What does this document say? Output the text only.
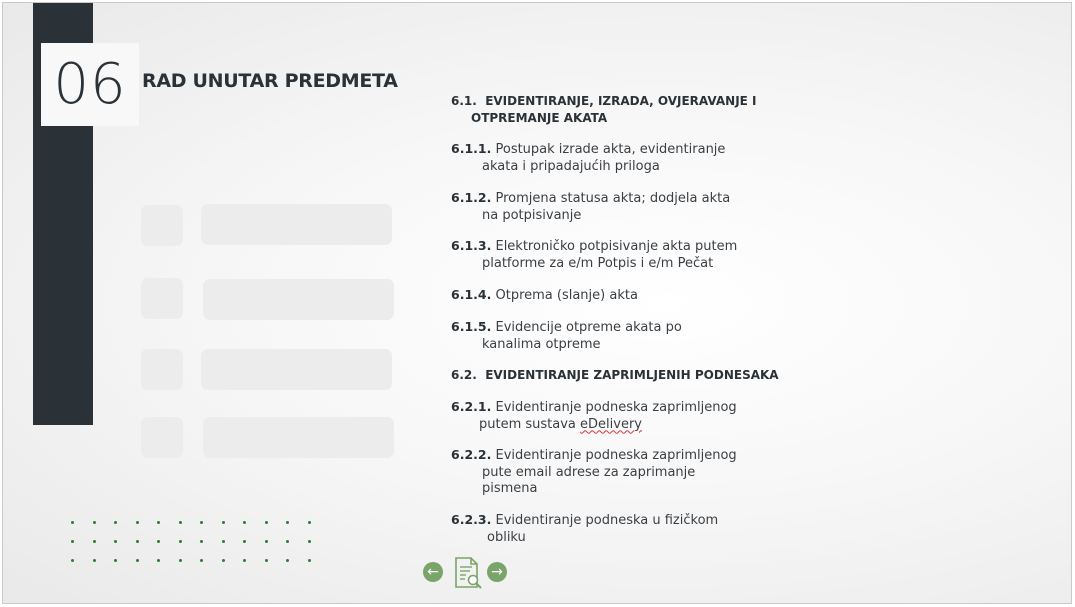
06 RAD UNUTAR PREDMETA
6.1. EVIDENTIRANJE, IZRADA, OVJERAVANJE I
OTPREMANJE AKATA
6.1.1. Postupak izrade akta, evidentiranje
akata i pripadajućih priloga
6.1.2. Promjena statusa akta; dodjela akta
na potpisivanje
6.1.3. Elektroničko potpisivanje akta putem
platforme za e/m Potpis i e/m Pečat
6.1.4. Otprema (slanje) akta
6.1.5. Evidencije otpreme akata po
kanalima otpreme
6.2. EVIDENTIRANJE ZAPRIMLJENIH PODNESAKA
6.2.1. Evidentiranje podneska zaprimljenog
putem sustava eDelivery
6.2.2. Evidentiranje podneska zaprimljenog
pute email adrese za zaprimanje
pismena
6.2.3. Evidentiranje podneska u fizičkom
obliku
←	→
